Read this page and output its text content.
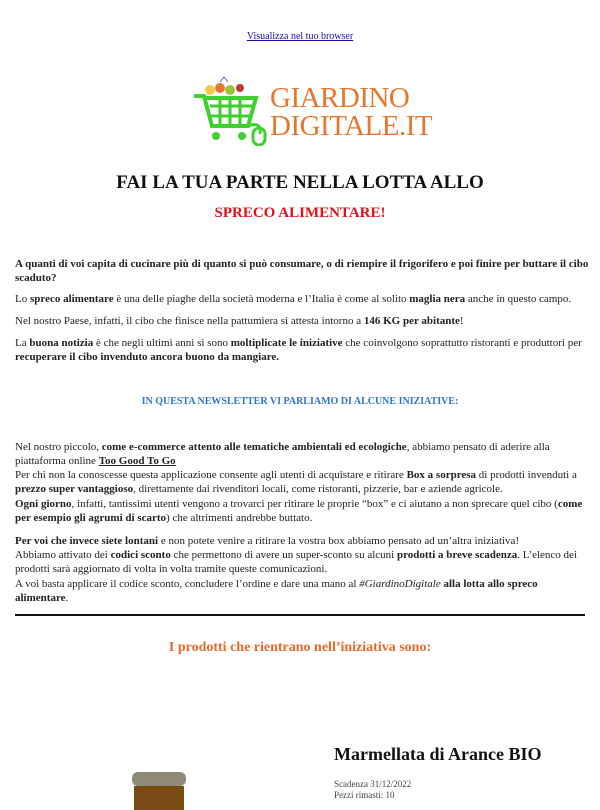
Visualizza nel tuo browser
GIARDINO
DIGITALE.IT
FAI LA TUA PARTE NELLA LOTTA ALLO
SPRECO ALIMENTARE!
A quanti di voi capita di cucinare più di quanto si può consumare, o di riempire il frigorifero e poi finire per buttare il cibo scaduto?
Lo spreco alimentare è una delle piaghe della società moderna e l’Italia è come al solito maglia nera anche in questo campo.
Nel nostro Paese, infatti, il cibo che finisce nella pattumiera si attesta intorno a 146 KG per abitante!
La buona notizia è che negli ultimi anni si sono moltiplicate le iniziative che coinvolgono soprattutto ristoranti e produttori per recuperare il cibo invenduto ancora buono da mangiare.
IN QUESTA NEWSLETTER VI PARLIAMO DI ALCUNE INIZIATIVE:
Nel nostro piccolo, come e-commerce attento alle tematiche ambientali ed ecologiche, abbiamo pensato di aderire alla piattaforma online Too Good To Go
Per chi non la conoscesse questa applicazione consente agli utenti di acquistare e ritirare Box a sorpresa di prodotti invenduti a prezzo super vantaggioso, direttamente dai rivenditori locali, come ristoranti, pizzerie, bar e aziende agricole.
Ogni giorno, infatti, tantissimi utenti vengono a trovarci per ritirare le proprie “box” e ci aiutano a non sprecare quel cibo (come per esempio gli agrumi di scarto) che altrimenti andrebbe buttato.
Per voi che invece siete lontani e non potete venire a ritirare la vostra box abbiamo pensato ad un’altra iniziativa!
Abbiamo attivato dei codici sconto che permettono di avere un super-sconto su alcuni prodotti a breve scadenza. L’elenco dei prodotti sarà aggiornato di volta in volta tramite queste comunicazioni.
A voi basta applicare il codice sconto, concludere l’ordine e dare una mano al #GiardinoDigitale alla lotta allo spreco alimentare.
I prodotti che rientrano nell’iniziativa sono:
Marmellata di Arance BIO
Scadenza 31/12/2022
Pezzi rimasti: 10
